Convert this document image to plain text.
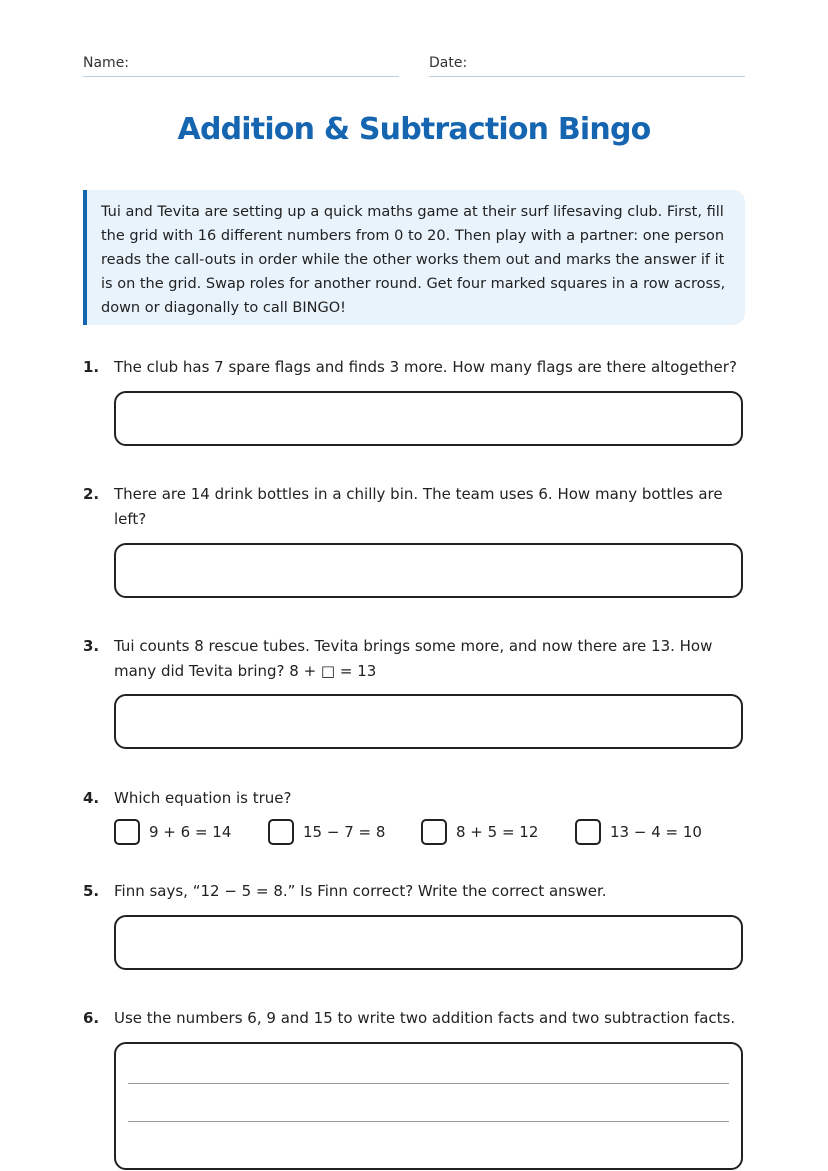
Name:	Date:
Addition & Subtraction Bingo
Tui and Tevita are setting up a quick maths game at their surf lifesaving club. First, fill the grid with 16 different numbers from 0 to 20. Then play with a partner: one person reads the call-outs in order while the other works them out and marks the answer if it is on the grid. Swap roles for another round. Get four marked squares in a row across, down or diagonally to call BINGO!
1. The club has 7 spare flags and finds 3 more. How many flags are there altogether?
2. There are 14 drink bottles in a chilly bin. The team uses 6. How many bottles are left?
3. Tui counts 8 rescue tubes. Tevita brings some more, and now there are 13. How many did Tevita bring? 8 + □ = 13
4. Which equation is true?
9 + 6 = 14	15 − 7 = 8	8 + 5 = 12	13 − 4 = 10
5. Finn says, “12 − 5 = 8.” Is Finn correct? Write the correct answer.
6. Use the numbers 6, 9 and 15 to write two addition facts and two subtraction facts.
